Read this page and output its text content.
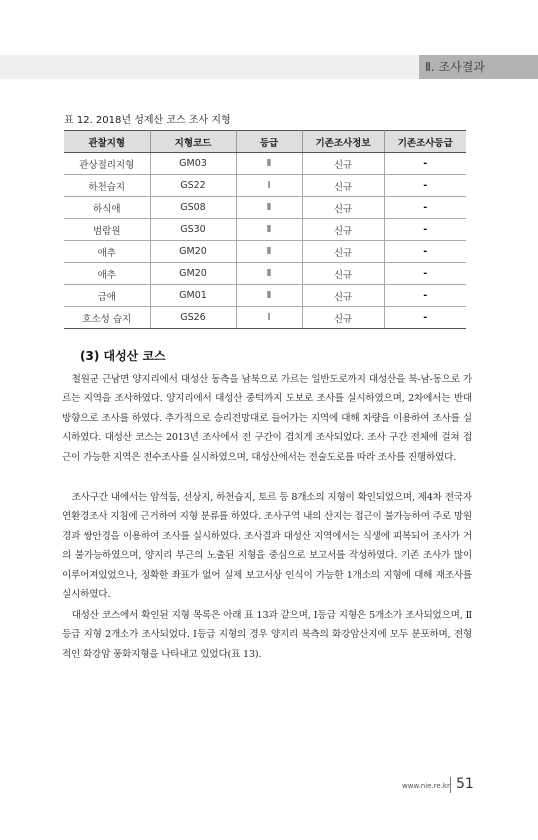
Ⅱ. 조사결과
표 12. 2018년 성제산 코스 조사 지형
관찰지형	지형코드	등급	기존조사정보	기존조사등급
관상절리지형	GM03	Ⅱ	신규	-
하천습지	GS22	Ⅰ	신규	-
하식애	GS08	Ⅱ	신규	-
범람원	GS30	Ⅱ	신규	-
애추	GM20	Ⅱ	신규	-
애추	GM20	Ⅱ	신규	-
급애	GM01	Ⅱ	신규	-
호소성 습지	GS26	Ⅰ	신규	-
(3) 대성산 코스

철원군 근남면 양지리에서 대성산 동측을 남북으로 가르는 일반도로까지 대성산을 북-남-동으로 가르는 지역을 조사하였다. 양지리에서 대성산 중턱까지 도보로 조사를 실시하였으며, 2차에서는 반대 방향으로 조사를 하였다. 추가적으로 승리전망대로 들어가는 지역에 대해 차량을 이용하여 조사를 실시하였다. 대성산 코스는 2013년 조사에서 전 구간이 겹치게 조사되었다. 조사 구간 전체에 걸쳐 접근이 가능한 지역은 전수조사를 실시하였으며, 대성산에서는 전술도로를 따라 조사를 진행하였다.

조사구간 내에서는 암석둠, 선상지, 하천습지, 토르 등 8개소의 지형이 확인되었으며, 제4차 전국자연환경조사 지침에 근거하여 지형 분류를 하였다. 조사구역 내의 산지는 접근이 불가능하여 주로 망원경과 쌍안경을 이용하여 조사를 실시하였다. 조사결과 대성산 지역에서는 식생에 피복되어 조사가 거의 불가능하였으며, 양지리 부근의 노출된 지형을 중심으로 보고서를 작성하였다. 기존 조사가 많이 이루어져있었으나, 정확한 좌표가 없어 실제 보고서상 인식이 가능한 1개소의 지형에 대해 재조사를 실시하였다.

대성산 코스에서 확인된 지형 목록은 아래 표 13과 같으며, Ⅰ등급 지형은 5개소가 조사되었으며, Ⅱ등급 지형 2개소가 조사되었다. Ⅰ등급 지형의 경우 양지리 북측의 화강암산지에 모두 분포하며, 전형적인 화강암 풍화지형을 나타내고 있었다(표 13).

www.nie.re.kr 51
